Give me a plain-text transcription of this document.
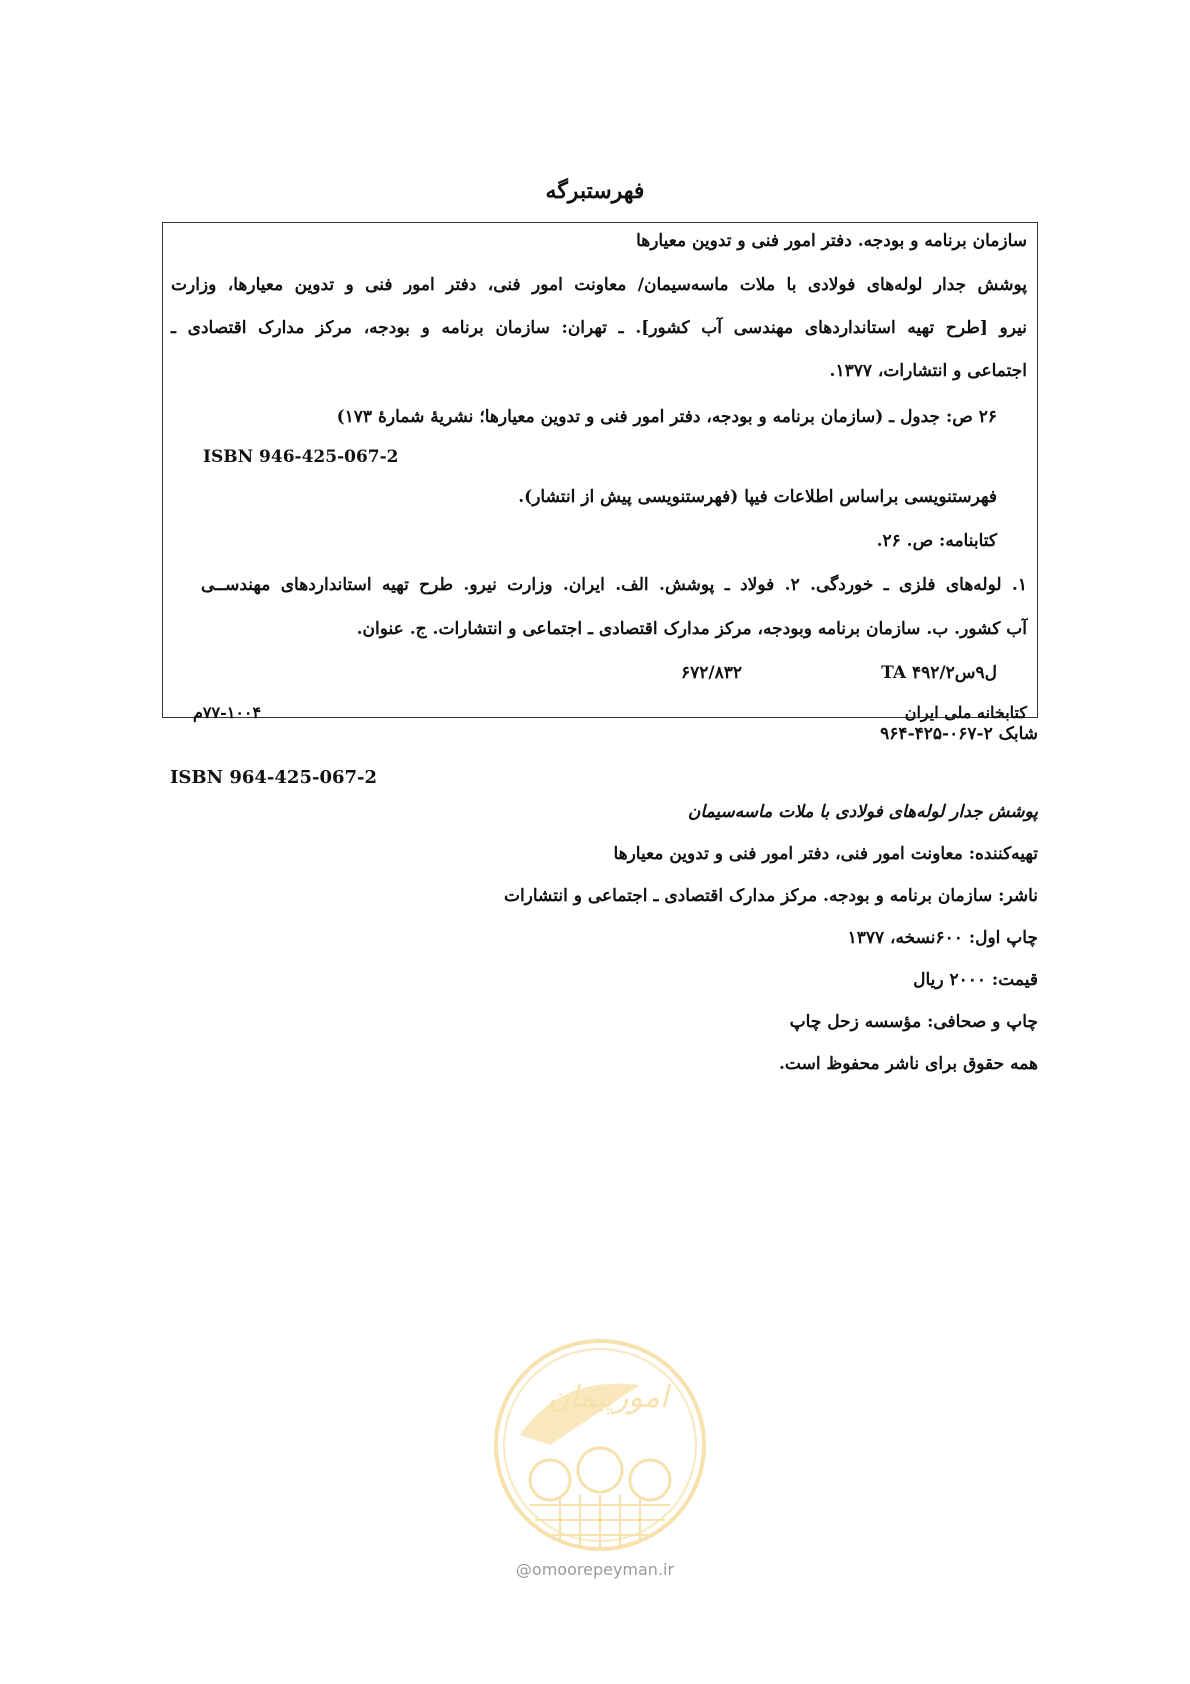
فهرستبرگه
سازمان برنامه و بودجه. دفتر امور فنی و تدوین معیارها
پوشش جدار لوله‌های فولادی با ملات ماسه‌سیمان/ معاونت امور فنی، دفتر امور فنی و تدوین معیارها، وزارت
نیرو [طرح تهیه استانداردهای مهندسی آب کشور]. ـ تهران: سازمان برنامه و بودجه، مرکز مدارک اقتصادی ـ
اجتماعی و انتشارات، ۱۳۷۷.
۲۶ ص: جدول ـ (سازمان برنامه و بودجه، دفتر امور فنی و تدوین معیارها؛ نشریهٔ شمارهٔ ۱۷۳)
ISBN 946-425-067-2
فهرستنویسی براساس اطلاعات فیپا (فهرستنویسی پیش از انتشار).
کتابنامه: ص. ۲۶.
۱. لوله‌های فلزی ـ خوردگی. ۲. فولاد ـ پوشش. الف. ایران. وزارت نیرو. طرح تهیه استانداردهای مهندســی
آب کشور. ب. سازمان برنامه وبودجه، مرکز مدارک اقتصادی ـ اجتماعی و انتشارات. ج. عنوان.
TA ۴۹۲/ل۹س۲
۶۷۲/۸۳۲
کتابخانه ملی ایران
۷۷-۱۰۰۴م
شابک ۲-۰۶۷-۴۲۵-۹۶۴
ISBN 964-425-067-2
پوشش جدار لوله‌های فولادی با ملات ماسه‌سیمان
تهیه‌کننده: معاونت امور فنی، دفتر امور فنی و تدوین معیارها
ناشر: سازمان برنامه و بودجه. مرکز مدارک اقتصادی ـ اجتماعی و انتشارات
چاپ اول: ۶۰۰نسخه، ۱۳۷۷
قیمت: ۲۰۰۰ ریال
چاپ و صحافی: مؤسسه زحل چاپ
همه حقوق برای ناشر محفوظ است.
امورپیمان
@omoorepeyman.ir
